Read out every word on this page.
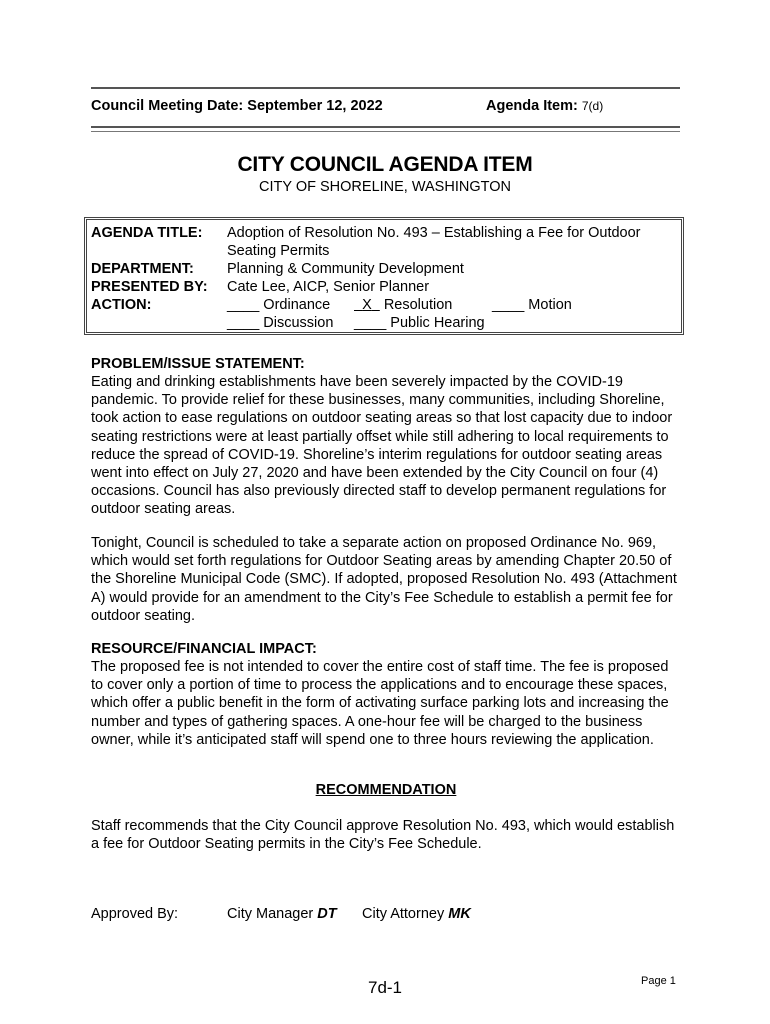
Council Meeting Date: September 12, 2022	Agenda Item: 7(d)
CITY COUNCIL AGENDA ITEM
CITY OF SHORELINE, WASHINGTON
AGENDA TITLE: Adoption of Resolution No. 493 – Establishing a Fee for Outdoor
Seating Permits
DEPARTMENT: Planning & Community Development
PRESENTED BY: Cate Lee, AICP, Senior Planner
ACTION:	____ Ordinance	X Resolution	____ Motion
____ Discussion ____ Public Hearing
PROBLEM/ISSUE STATEMENT:
Eating and drinking establishments have been severely impacted by the COVID-19 pandemic. To provide relief for these businesses, many communities, including Shoreline, took action to ease regulations on outdoor seating areas so that lost capacity due to indoor seating restrictions were at least partially offset while still adhering to local requirements to reduce the spread of COVID-19. Shoreline’s interim regulations for outdoor seating areas went into effect on July 27, 2020 and have been extended by the City Council on four (4) occasions. Council has also previously directed staff to develop permanent regulations for outdoor seating areas.
Tonight, Council is scheduled to take a separate action on proposed Ordinance No. 969, which would set forth regulations for Outdoor Seating areas by amending Chapter 20.50 of the Shoreline Municipal Code (SMC). If adopted, proposed Resolution No. 493 (Attachment A) would provide for an amendment to the City’s Fee Schedule to establish a permit fee for outdoor seating.
RESOURCE/FINANCIAL IMPACT:
The proposed fee is not intended to cover the entire cost of staff time. The fee is proposed to cover only a portion of time to process the applications and to encourage these spaces, which offer a public benefit in the form of activating surface parking lots and increasing the number and types of gathering spaces. A one-hour fee will be charged to the business owner, while it’s anticipated staff will spend one to three hours reviewing the application.
RECOMMENDATION
Staff recommends that the City Council approve Resolution No. 493, which would establish a fee for Outdoor Seating permits in the City’s Fee Schedule.
Approved By:	City Manager DT City Attorney MK
7d-1	Page 1
